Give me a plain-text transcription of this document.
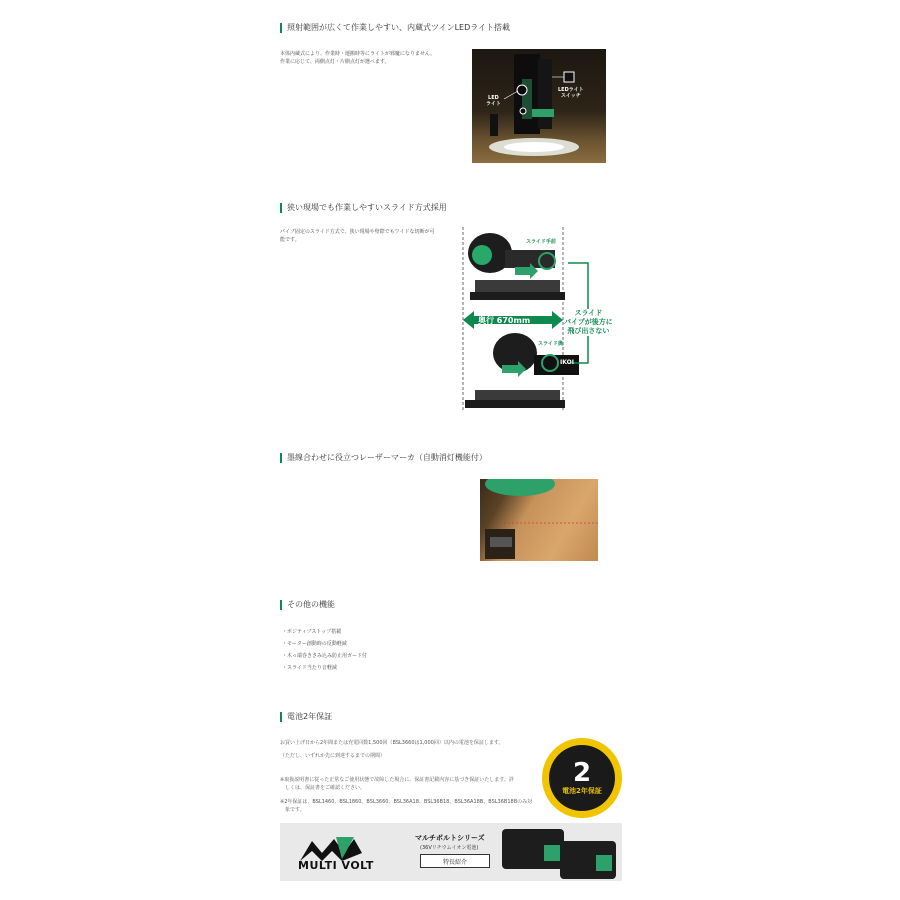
照射範囲が広くて作業しやすい、内蔵式ツインLEDライト搭載
本体内蔵式により、作業時・運搬時等にライトが邪魔になりません。
作業に応じて、両側点灯・片側点灯が選べます。
LED
ライト
LEDライト
スイッチ
狭い現場でも作業しやすいスライド方式採用
パイプ固定のスライド方式で、狭い現場や壁際でもワイドな切断が可
能です。	スライド手前
スライド奥
奥行 670mm
スライド
パイプが後方に
飛び出さない
IKOI
墨線合わせに役立つレーザーマーカ（自動消灯機能付）
その他の機能
・ポジティブストップ搭載
・モーター創動時の反動軽減
・木っ端巻きさみ込み防止用ガード付
・スライド当たり音軽減
電池2年保証
お買い上げ日から2年間または充電回数1,500回（BSL3660は1,000回）以内の電池を保証します。
（ただし、いずれか先に到達するまでの期間）
※取扱説明書に従った正常なご使用状態で故障した場合に、保証書記載内容に基づき保証いたします。詳
　しくは、保証書をご確認ください。
※2年保証は、BSL1460、BSL1860、BSL3660、BSL36A18、BSL36B18、BSL36A18B、BSL36B18Bのみ対
　象です。
2
電池2年保証
MULTI VOLT
マルチボルトシリーズ
(36Vリチウムイオン電池)
特長紹介
